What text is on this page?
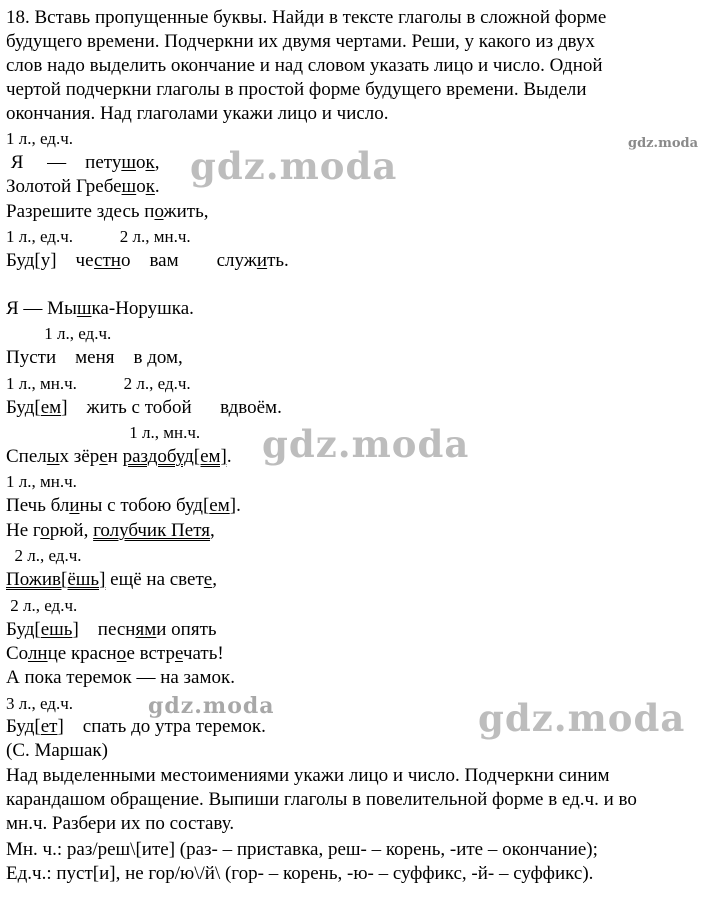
18. Вставь пропущенные буквы. Найди в тексте глаголы в сложной форме
будущего времени. Подчеркни их двумя чертами. Реши, у какого из двух
слов надо выделить окончание и над словом указать лицо и число. Одной
чертой подчеркни глаголы в простой форме будущего времени. Выдели
окончания. Над глаголами укажи лицо и число.
1 л., ед.ч.
Я     —    петушок,
Золотой Гребешок.
Разрешите здесь пожить,
1 л., ед.ч.           2 л., мн.ч.
Буд[у]    честно    вам        служить.
Я — Мышка-Норушка.
1 л., ед.ч.
Пусти    меня    в дом,
1 л., мн.ч.           2 л., ед.ч.
Буд[ем]    жить с тобой      вдвоём.
1 л., мн.ч.
Спелых зёрен раздобуд[ем].
1 л., мн.ч.
Печь блины с тобою буд[ем].
Не горюй, голубчик Петя,
2 л., ед.ч.
Пожив[ёшь] ещё на свете,
2 л., ед.ч.
Буд[ешь]    песнями опять
Солнце красное встречать!
А пока теремок — на замок.
3 л., ед.ч.
Буд[ет]    спать до утра теремок.
(С. Маршак)
Над выделенными местоимениями укажи лицо и число. Подчеркни синим
карандашом обращение. Выпиши глаголы в повелительной форме в ед.ч. и во
мн.ч. Разбери их по составу.
Мн. ч.: раз/реш\[ите] (раз- – приставка, реш- – корень, -ите – окончание);
Ед.ч.: пуст[и], не гор/ю\/й\ (гор- – корень, -ю- – суффикс, -й- – суффикс).
gdz.moda
gdz.moda
gdz.moda
gdz.moda	gdz.moda
